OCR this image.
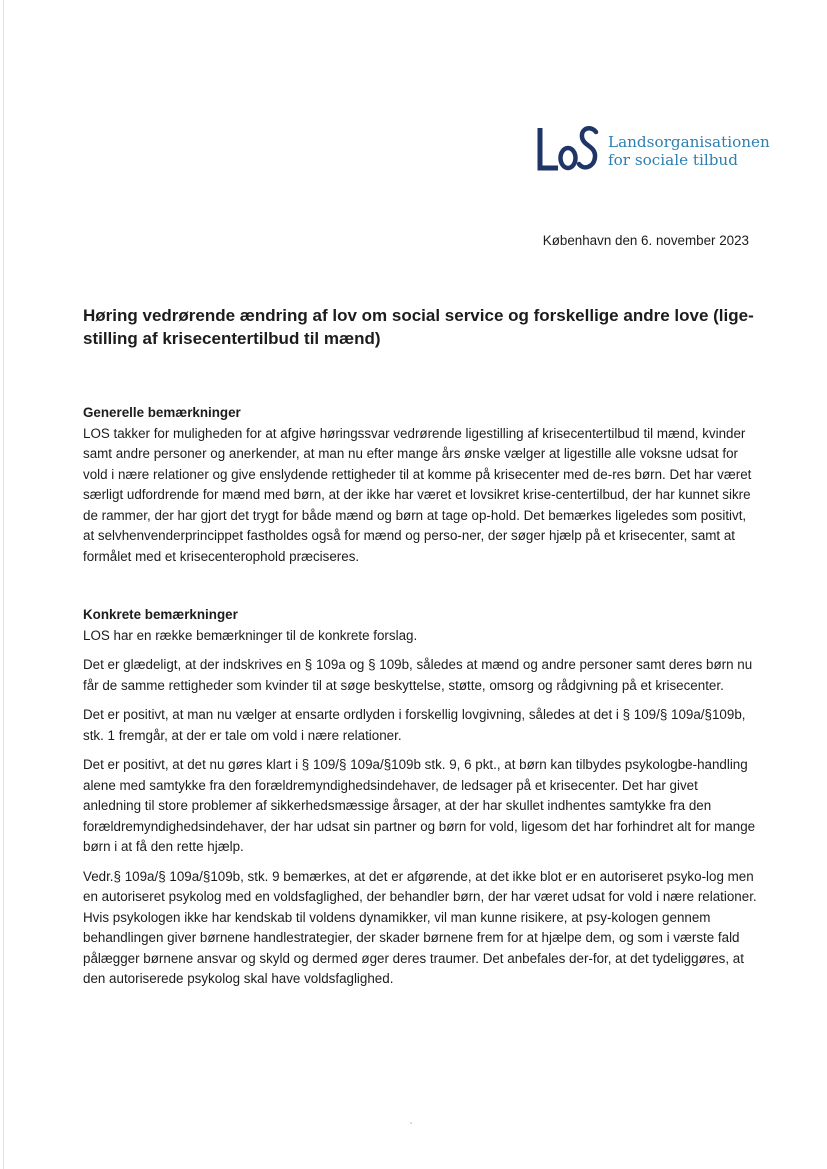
Landsorganisationen
for sociale tilbud
København den 6. november 2023
Høring vedrørende ændring af lov om social service og forskellige andre love (lige-stilling af krisecentertilbud til mænd)
Generelle bemærkninger

LOS takker for muligheden for at afgive høringssvar vedrørende ligestilling af krisecentertilbud til mænd, kvinder samt andre personer og anerkender, at man nu efter mange års ønske vælger at ligestille alle voksne udsat for vold i nære relationer og give enslydende rettigheder til at komme på krisecenter med de-res børn. Det har været særligt udfordrende for mænd med børn, at der ikke har været et lovsikret krise-centertilbud, der har kunnet sikre de rammer, der har gjort det trygt for både mænd og børn at tage op-hold. Det bemærkes ligeledes som positivt, at selvhenvenderprincippet fastholdes også for mænd og perso-ner, der søger hjælp på et krisecenter, samt at formålet med et krisecenterophold præciseres.

Konkrete bemærkninger

LOS har en række bemærkninger til de konkrete forslag.

Det er glædeligt, at der indskrives en § 109a og § 109b, således at mænd og andre personer samt deres børn nu får de samme rettigheder som kvinder til at søge beskyttelse, støtte, omsorg og rådgivning på et krisecenter.

Det er positivt, at man nu vælger at ensarte ordlyden i forskellig lovgivning, således at det i § 109/§ 109a/§109b, stk. 1 fremgår, at der er tale om vold i nære relationer.

Det er positivt, at det nu gøres klart i § 109/§ 109a/§109b stk. 9, 6 pkt., at børn kan tilbydes psykologbe-handling alene med samtykke fra den forældremyndighedsindehaver, de ledsager på et krisecenter. Det har givet anledning til store problemer af sikkerhedsmæssige årsager, at der har skullet indhentes samtykke fra den forældremyndighedsindehaver, der har udsat sin partner og børn for vold, ligesom det har forhindret alt for mange børn i at få den rette hjælp.

Vedr.§ 109a/§ 109a/§109b, stk. 9 bemærkes, at det er afgørende, at det ikke blot er en autoriseret psyko-log men en autoriseret psykolog med en voldsfaglighed, der behandler børn, der har været udsat for vold i nære relationer. Hvis psykologen ikke har kendskab til voldens dynamikker, vil man kunne risikere, at psy-kologen gennem behandlingen giver børnene handlestrategier, der skader børnene frem for at hjælpe dem, og som i værste fald pålægger børnene ansvar og skyld og dermed øger deres traumer. Det anbefales der-for, at det tydeliggøres, at den autoriserede psykolog skal have voldsfaglighed.
